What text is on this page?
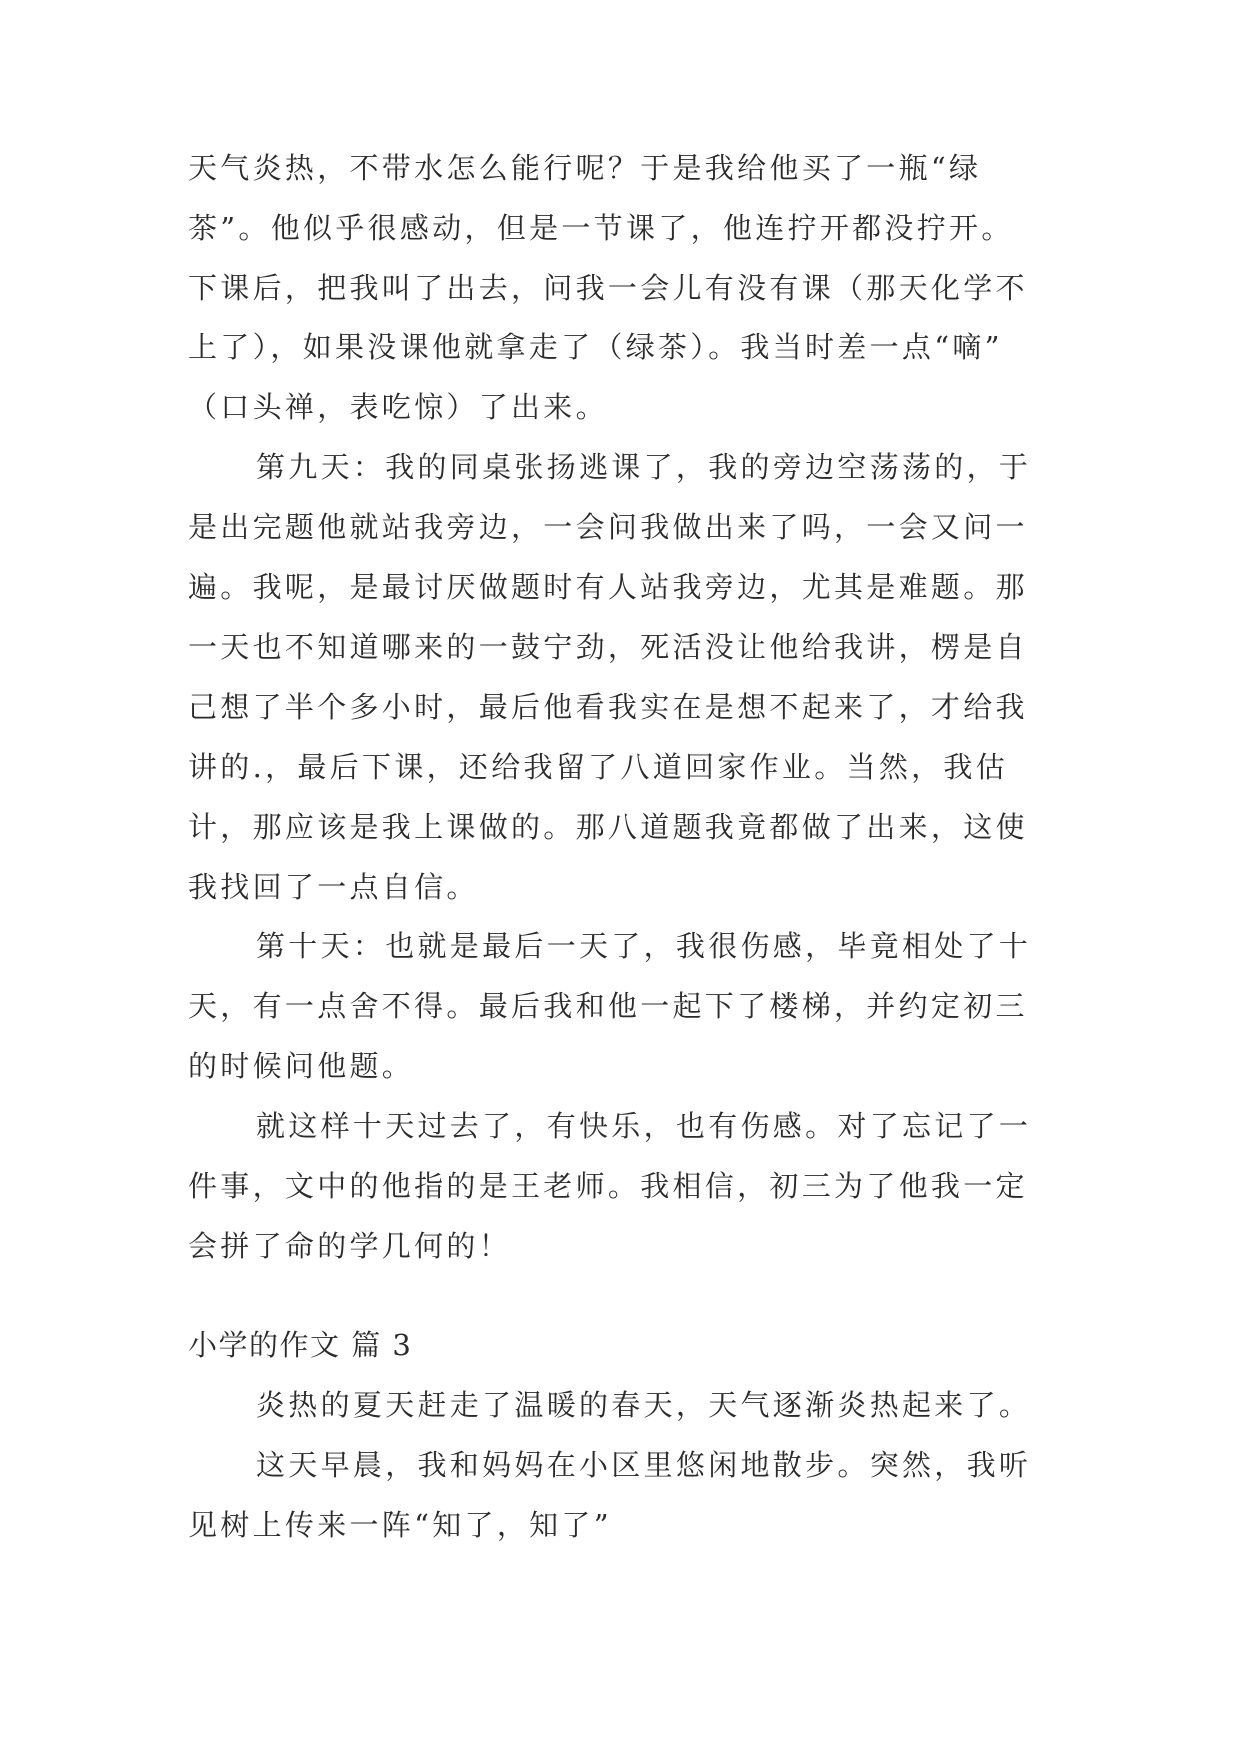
天气炎热，不带水怎么能行呢？于是我给他买了一瓶“绿
茶”。他似乎很感动，但是一节课了，他连拧开都没拧开。
下课后，把我叫了出去，问我一会儿有没有课（那天化学不
上了），如果没课他就拿走了（绿茶）。我当时差一点“嘀”
（口头禅，表吃惊）了出来。
第九天：我的同桌张扬逃课了，我的旁边空荡荡的，于
是出完题他就站我旁边，一会问我做出来了吗，一会又问一
遍。我呢，是最讨厌做题时有人站我旁边，尤其是难题。那
一天也不知道哪来的一鼓宁劲，死活没让他给我讲，楞是自
己想了半个多小时，最后他看我实在是想不起来了，才给我
讲的.，最后下课，还给我留了八道回家作业。当然，我估
计，那应该是我上课做的。那八道题我竟都做了出来，这使
我找回了一点自信。
第十天：也就是最后一天了，我很伤感，毕竟相处了十
天，有一点舍不得。最后我和他一起下了楼梯，并约定初三
的时候问他题。
就这样十天过去了，有快乐，也有伤感。对了忘记了一
件事，文中的他指的是王老师。我相信，初三为了他我一定
会拼了命的学几何的！
小学的作文 篇 3
炎热的夏天赶走了温暖的春天，天气逐渐炎热起来了。
这天早晨，我和妈妈在小区里悠闲地散步。突然，我听
见树上传来一阵“知了，知了”
